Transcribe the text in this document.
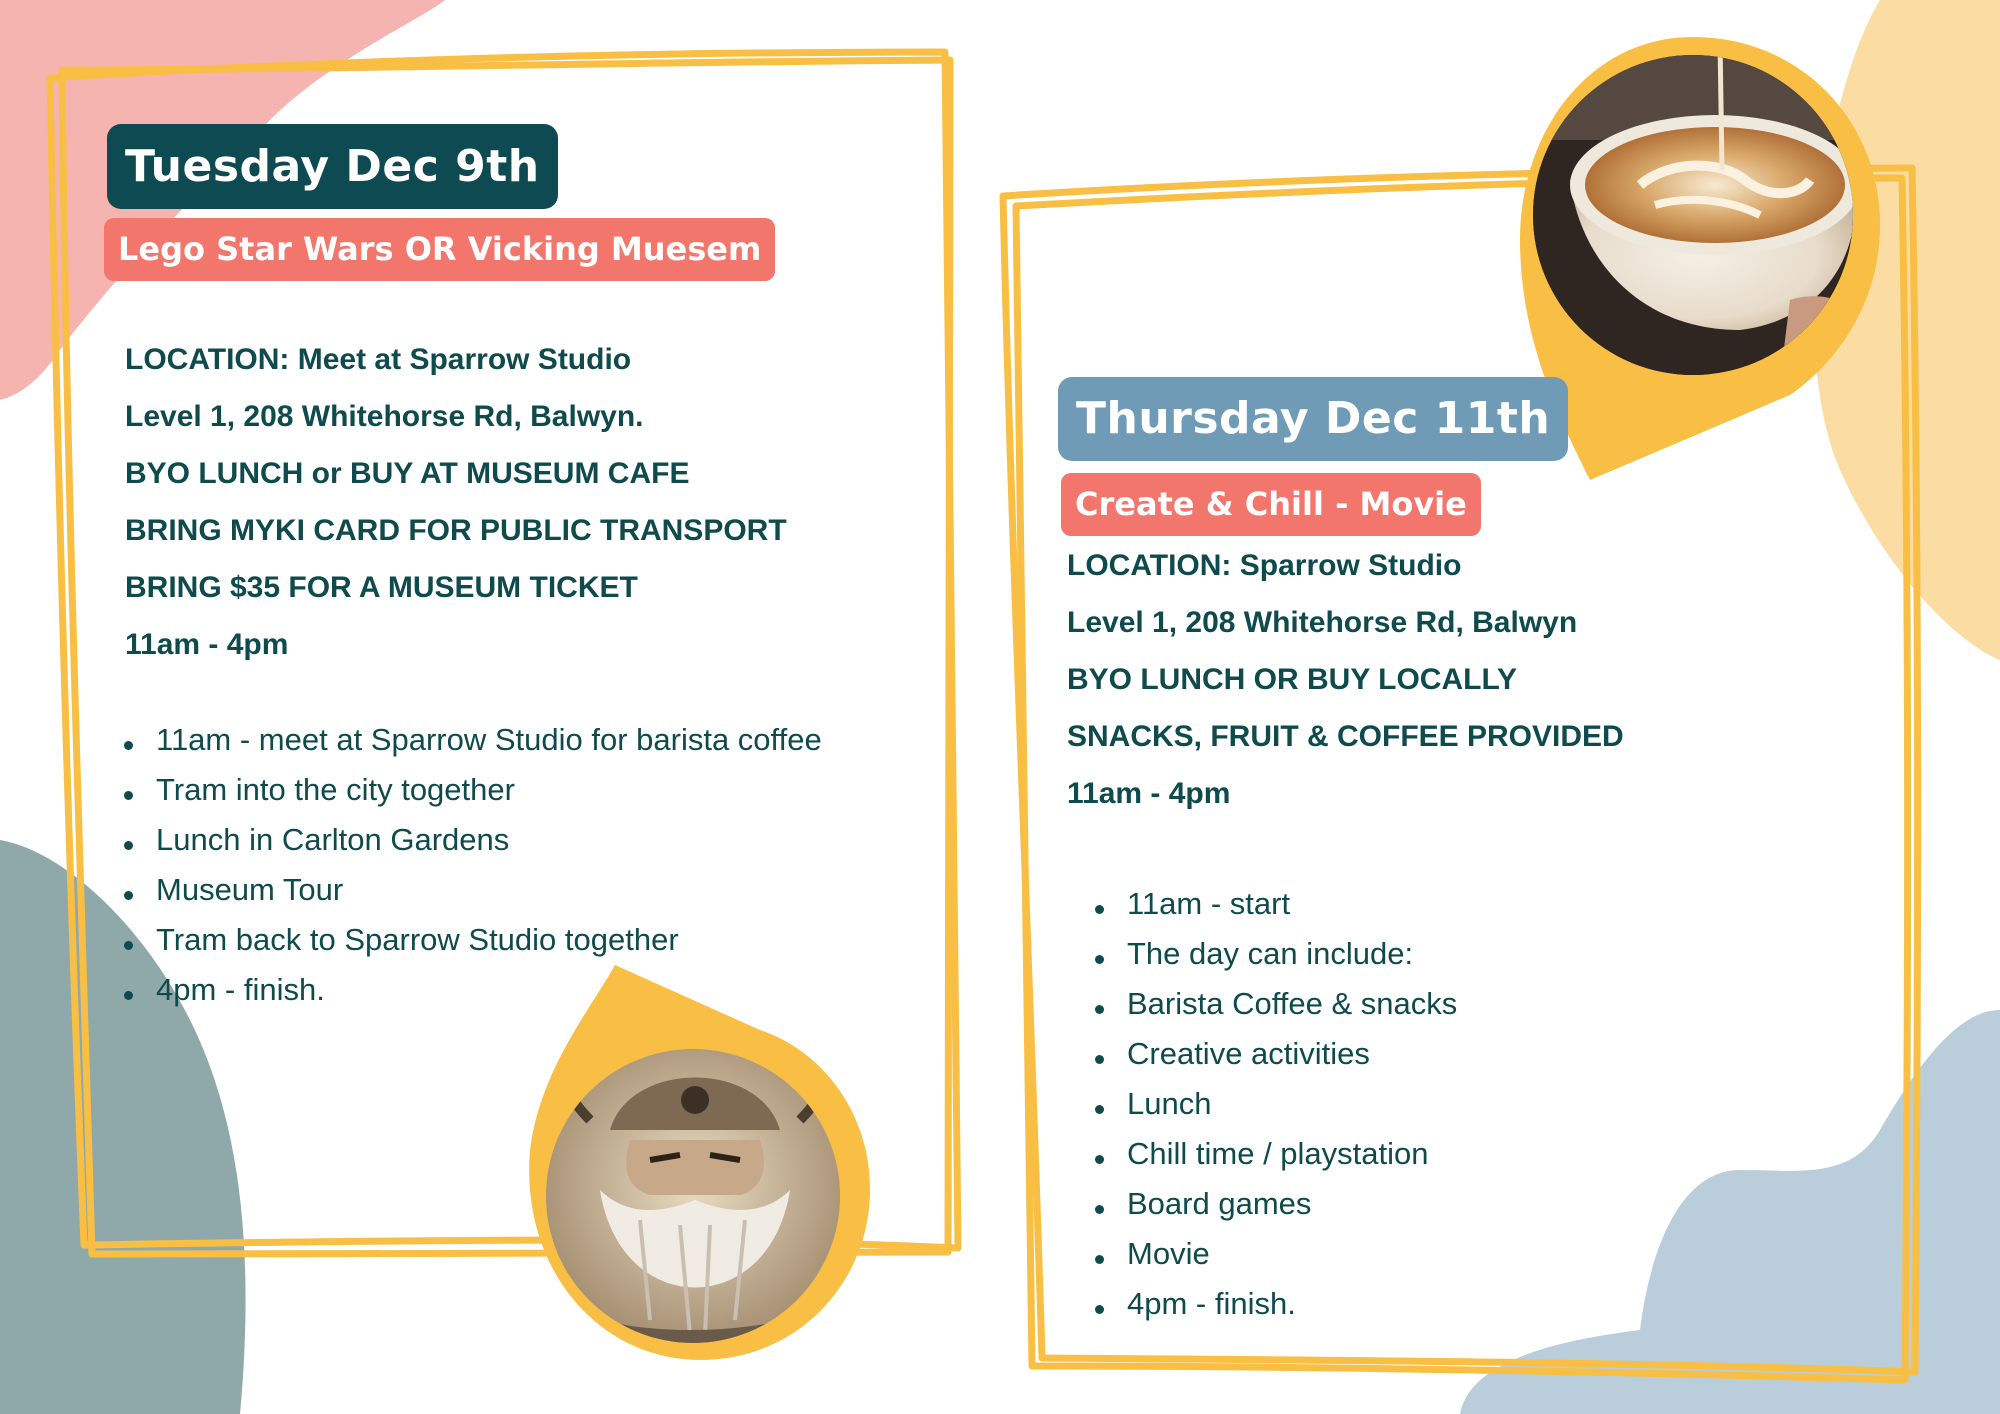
Tuesday Dec 9th
Lego Star Wars OR Vicking Muesem
LOCATION: Meet at Sparrow Studio
Level 1, 208 Whitehorse Rd, Balwyn.
BYO LUNCH or BUY AT MUSEUM CAFE
BRING MYKI CARD FOR PUBLIC TRANSPORT
BRING $35 FOR A MUSEUM TICKET
11am - 4pm
11am - meet at Sparrow Studio for barista coffee
Tram into the city together
Lunch in Carlton Gardens
Museum Tour
Tram back to Sparrow Studio together
4pm - finish.
Thursday Dec 11th
Create & Chill - Movie
LOCATION: Sparrow Studio
Level 1, 208 Whitehorse Rd, Balwyn
BYO LUNCH OR BUY LOCALLY
SNACKS, FRUIT & COFFEE PROVIDED
11am - 4pm
11am - start
The day can include:
Barista Coffee & snacks
Creative activities
Lunch
Chill time / playstation
Board games
Movie
4pm - finish.
